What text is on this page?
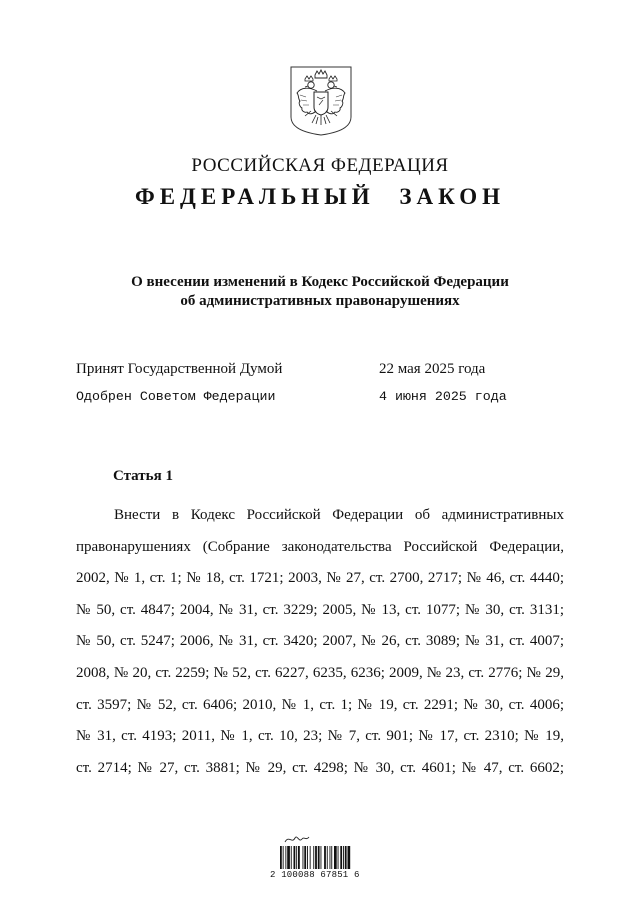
РОССИЙСКАЯ ФЕДЕРАЦИЯ
ФЕДЕРАЛЬНЫЙ ЗАКОН
О внесении изменений в Кодекс Российской Федерации
об административных правонарушениях
Принят Государственной Думой	22 мая 2025 года
Одобрен Советом Федерации	4 июня 2025 года
Статья 1
Внести в Кодекс Российской Федерации об административных
правонарушениях (Собрание законодательства Российской Федерации,
2002, № 1, ст. 1; № 18, ст. 1721; 2003, № 27, ст. 2700, 2717; № 46, ст. 4440;
№ 50, ст. 4847; 2004, № 31, ст. 3229; 2005, № 13, ст. 1077; № 30, ст. 3131;
№ 50, ст. 5247; 2006, № 31, ст. 3420; 2007, № 26, ст. 3089; № 31, ст. 4007;
2008, № 20, ст. 2259; № 52, ст. 6227, 6235, 6236; 2009, № 23, ст. 2776; № 29,
ст. 3597; № 52, ст. 6406; 2010, № 1, ст. 1; № 19, ст. 2291; № 30, ст. 4006;
№ 31, ст. 4193; 2011, № 1, ст. 10, 23; № 7, ст. 901; № 17, ст. 2310; № 19,
ст. 2714; № 27, ст. 3881; № 29, ст. 4298; № 30, ст. 4601; № 47, ст. 6602;
2 100088 67851 6
